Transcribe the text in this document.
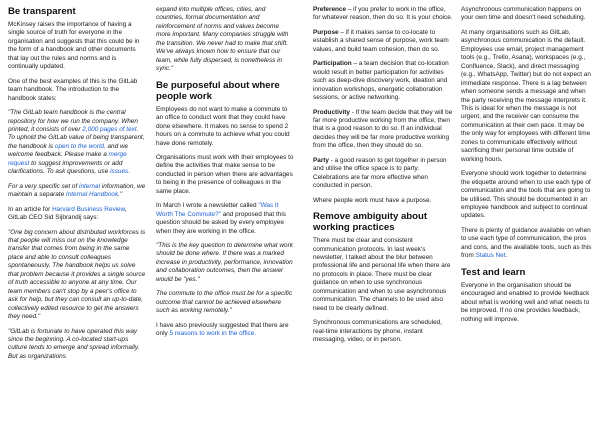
Be transparent

McKinsey raises the importance of having a single source of truth for everyone in the organisation and suggests that this could be in the form of a handbook and other documents that lay out the rules and norms and is continually updated.

One of the best examples of this is the GitLab team handbook. The introduction to the handbook states:

"The GitLab team handbook is the central repository for how we run the company. When printed, it consists of over 2,000 pages of text. To uphold the GitLab value of being transparent, the handbook is open to the world, and we welcome feedback. Please make a merge request to suggest improvements or add clarifications. To ask questions, use issues.

For a very specific set of internal information, we maintain a separate Internal Handbook."

In an article for Harvard Business Review, GitLab CEO Sid Sijbrandij says:

"One big concern about distributed workforces is that people will miss out on the knowledge transfer that comes from being in the same place and able to consult colleagues spontaneously. The handbook helps us solve that problem because it provides a single source of truth accessible to anyone at any time. Our team members can't stop by a peer's office to ask for help, but they can consult an up-to-date, collectively edited resource to get the answers they need."

"GitLab is fortunate to have operated this way since the beginning. A co-located start-ups culture tends to emerge and spread informally. But as organizations

expand into multiple offices, cities, and countries, formal documentation and reinforcement of norms and values become more important. Many companies struggle with the transition. We never had to make that shift. We've always known how to ensure that our team, while fully dispersed, is nonetheless in sync."

Be purposeful about where people work

Employees do not want to make a commute to an office to conduct work that they could have done elsewhere. It makes no sense to spend 2 hours on a commute to achieve what you could have done remotely.

Organisations must work with their employees to define the activities that make sense to be conducted in person when there are advantages to being in the presence of colleagues in the same place.

In March I wrote a newsletter called "Was It Worth The Commute?" and proposed that this question should be asked by every employee when they are working in the office.

"This is the key question to determine what work should be done where. If there was a marked increase in productivity, performance, innovation and collaboration outcomes, then the answer would be "yes."

The commute to the office must be for a specific outcome that cannot be achieved elsewhere such as working remotely."

I have also previously suggested that there are only 5 reasons to work in the office.

Preference – if you prefer to work in the office, for whatever reason, then do so. It is your choice.

Purpose – if it makes sense to co-locate to establish a shared sense of purpose, work team values, and build team cohesion, then do so.

Participation – a team decision that co-location would result in better participation for activities such as deep-dive discovery work, ideation and innovation workshops, energetic collaboration sessions, or active networking.

Productivity - If the team decide that they will be far more productive working from the office, then that is a good reason to do so. If an individual decides they will be far more productive working from the office, then they should do so.

Party - a good reason to get together in person and utilise the office space is to party. Celebrations are far more effective when conducted in person.

Where people work must have a purpose.

Remove ambiguity about working practices

There must be clear and consistent communication protocols. In last week's newsletter, I talked about the blur between professional life and personal life when there are no protocols in place. There must be clear guidance on when to use synchronous communication and when to use asynchronous communication. The channels to be used also need to be clearly defined.

Synchronous communications are scheduled, real-time interactions by phone, instant messaging, video, or in person.

Asynchronous communication happens on your own time and doesn't need scheduling.

At many organisations such as GitLab, asynchronous communication is the default. Employees use email, project management tools (e.g., Trello, Asana), workspaces (e.g., Confluence, Slack), and direct messaging (e.g., WhatsApp, Twitter) but do not expect an immediate response. There is a lag between when someone sends a message and when the party receiving the message interprets it. This is ideal for when the message is not urgent, and the receiver can consume the communication at their own pace. It may be the only way for employees with different time zones to communicate effectively without sacrificing their personal time outside of working hours.

Everyone should work together to determine the etiquette around when to use each type of communication and the tools that are going to be utilised. This should be documented in an employee handbook and subject to continual updates.

There is plenty of guidance available on when to use each type of communication, the pros and cons, and the available tools, such as this from Status Net.

Test and learn

Everyone in the organisation should be encouraged and enabled to provide feedback about what is working well and what needs to be improved. If no one provides feedback, nothing will improve.
